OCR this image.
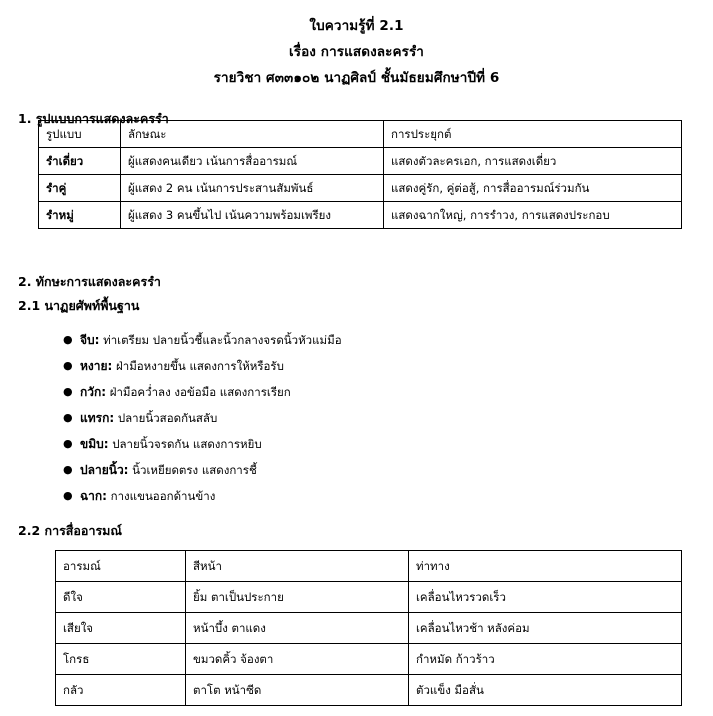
ใบความรู้ที่ 2.1
เรื่อง การแสดงละครรำ
รายวิชา ศ๓๓๑๐๒ นาฏศิลป์ ชั้นมัธยมศึกษาปีที่ 6
1. รูปแบบการแสดงละครรำ
รูปแบบ	ลักษณะ	การประยุกต์
รำเดี่ยว	ผู้แสดงคนเดียว เน้นการสื่ออารมณ์	แสดงตัวละครเอก, การแสดงเดี่ยว
รำคู่	ผู้แสดง 2 คน เน้นการประสานสัมพันธ์	แสดงคู่รัก, คู่ต่อสู้, การสื่ออารมณ์ร่วมกัน
รำหมู่	ผู้แสดง 3 คนขึ้นไป เน้นความพร้อมเพรียง	แสดงฉากใหญ่, การรำวง, การแสดงประกอบ
2. ทักษะการแสดงละครรำ
2.1 นาฏยศัพท์พื้นฐาน
● จีบ: ท่าเตรียม ปลายนิ้วชี้และนิ้วกลางจรดนิ้วหัวแม่มือ
● หงาย: ฝ่ามือหงายขึ้น แสดงการให้หรือรับ
● กวัก: ฝ่ามือคว่ำลง งอข้อมือ แสดงการเรียก
● แทรก: ปลายนิ้วสอดกันสลับ
● ขมิบ: ปลายนิ้วจรดกัน แสดงการหยิบ
● ปลายนิ้ว: นิ้วเหยียดตรง แสดงการชี้
● ฉาก: กางแขนออกด้านข้าง
2.2 การสื่ออารมณ์
อารมณ์	สีหน้า	ท่าทาง
ดีใจ	ยิ้ม ตาเป็นประกาย	เคลื่อนไหวรวดเร็ว
เสียใจ	หน้าบึ้ง ตาแดง	เคลื่อนไหวช้า หลังค่อม
โกรธ	ขมวดคิ้ว จ้องตา	กำหมัด ก้าวร้าว
กลัว	ตาโต หน้าซีด	ตัวแข็ง มือสั่น
